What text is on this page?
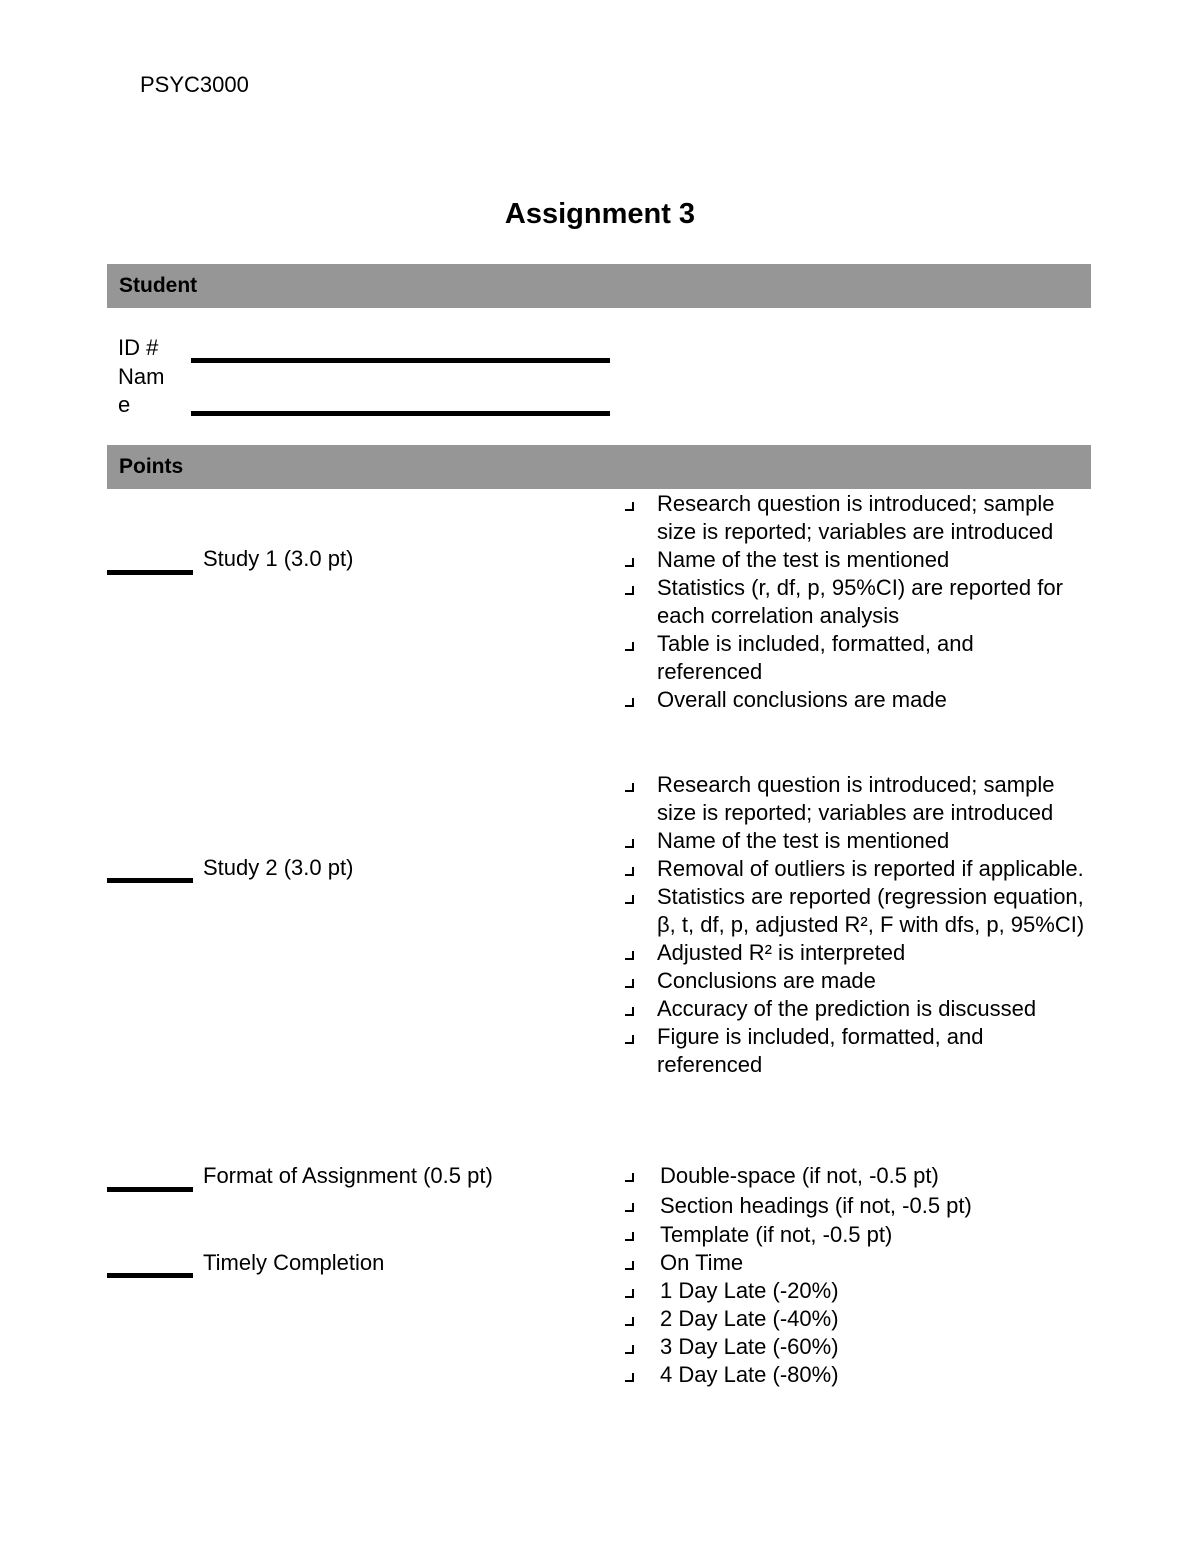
PSYC3000
Assignment 3
Student
ID #
Nam
e
Points
Study 1 (3.0 pt)
Research question is introduced; sample size is reported; variables are introduced
Name of the test is mentioned
Statistics (r, df, p, 95%CI) are reported for each correlation analysis
Table is included, formatted, and referenced
Overall conclusions are made
Study 2 (3.0 pt)
Research question is introduced; sample size is reported; variables are introduced
Name of the test is mentioned
Removal of outliers is reported if applicable.
Statistics are reported (regression equation, β, t, df, p, adjusted R², F with dfs, p, 95%CI)
Adjusted R² is interpreted
Conclusions are made
Accuracy of the prediction is discussed
Figure is included, formatted, and referenced
Format of Assignment (0.5 pt)	Double-space (if not, -0.5 pt)
Section headings (if not, -0.5 pt)
Template (if not, -0.5 pt)
Timely Completion	On Time
1 Day Late (-20%)
2 Day Late (-40%)
3 Day Late (-60%)
4 Day Late (-80%)
